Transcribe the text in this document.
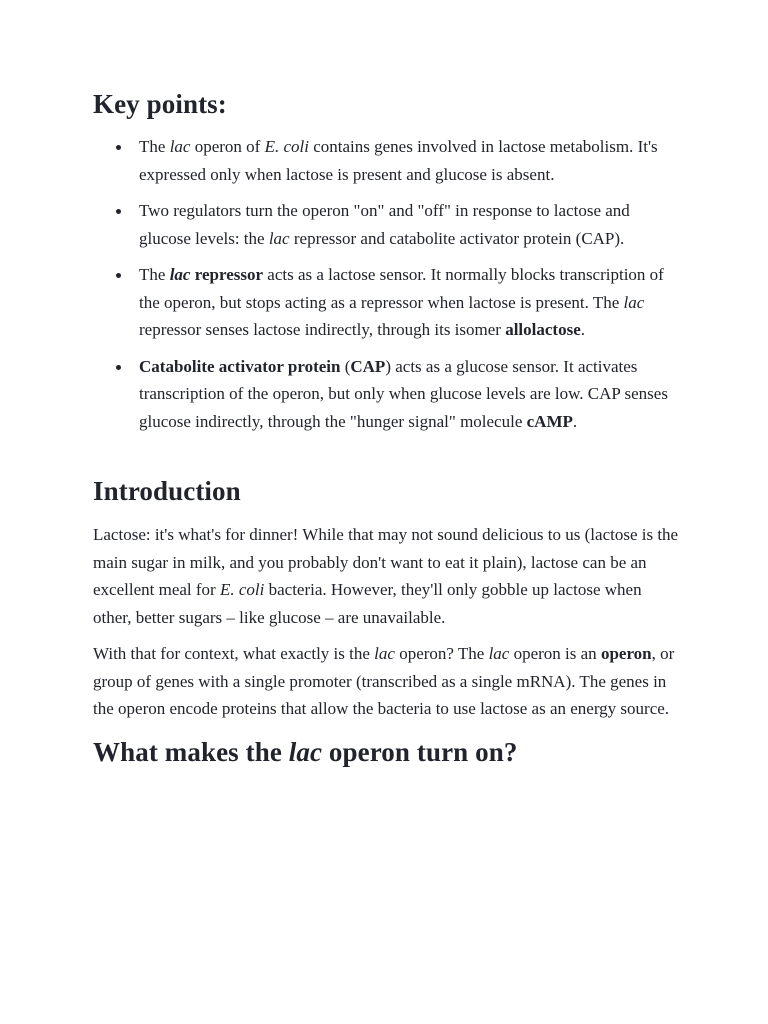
Key points:
The lac operon of E. coli contains genes involved in lactose metabolism. It's expressed only when lactose is present and glucose is absent.
Two regulators turn the operon "on" and "off" in response to lactose and glucose levels: the lac repressor and catabolite activator protein (CAP).
The lac repressor acts as a lactose sensor. It normally blocks transcription of the operon, but stops acting as a repressor when lactose is present. The lac repressor senses lactose indirectly, through its isomer allolactose.
Catabolite activator protein (CAP) acts as a glucose sensor. It activates transcription of the operon, but only when glucose levels are low. CAP senses glucose indirectly, through the "hunger signal" molecule cAMP.
Introduction

Lactose: it's what's for dinner! While that may not sound delicious to us (lactose is the main sugar in milk, and you probably don't want to eat it plain), lactose can be an excellent meal for E. coli bacteria. However, they'll only gobble up lactose when other, better sugars – like glucose – are unavailable.

With that for context, what exactly is the lac operon? The lac operon is an operon, or group of genes with a single promoter (transcribed as a single mRNA). The genes in the operon encode proteins that allow the bacteria to use lactose as an energy source.

What makes the lac operon turn on?
